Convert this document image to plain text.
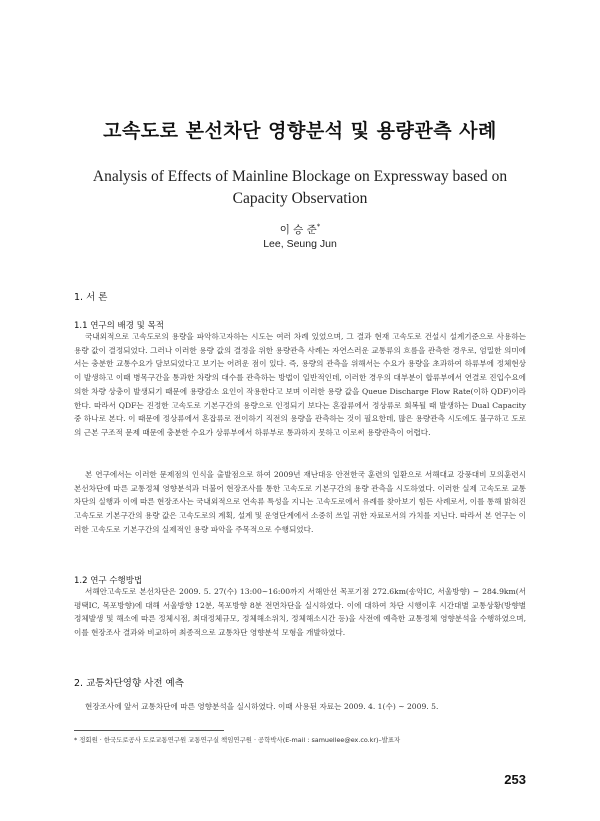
고속도로 본선차단 영향분석 및 용량관측 사례
Analysis of Effects of Mainline Blockage on Expressway based on Capacity Observation
이 승 준*
Lee, Seung Jun
1. 서 론
1.1 연구의 배경 및 목적

국내외적으로 고속도로의 용량을 파악하고자하는 시도는 여러 차례 있었으며, 그 결과 현재 고속도로 건설시 설계기준으로 사용하는 용량 값이 결정되었다. 그러나 이러한 용량 값의 결정을 위한 용량관측 사례는 자연스러운 교통류의 흐름을 관측한 경우로, 엄밀한 의미에서는 충분한 교통수요가 담보되었다고 보기는 어려운 점이 있다. 즉, 용량의 관측을 위해서는 수요가 용량을 초과하여 하류부에 정체현상이 발생하고 이때 병목구간을 통과한 차량의 대수를 관측하는 방법이 일반적인데, 이러한 경우의 대부분이 합류부에서 연결로 진입수요에 의한 차량 상충이 발생되기 때문에 용량감소 요인이 작용한다고 보며 이러한 용량 값을 Queue Discharge Flow Rate(이하 QDF)이라 한다. 따라서 QDF는 진정한 고속도로 기본구간의 용량으로 인정되기 보다는 혼잡류에서 정상류로 회복될 때 발생하는 Dual Capacity 중 하나로 본다. 이 때문에 정상류에서 혼잡류로 전이하기 직전의 용량을 관측하는 것이 필요한데, 많은 용량관측 시도에도 불구하고 도로의 근본 구조적 문제 때문에 충분한 수요가 상류부에서 하류부로 통과하지 못하고 이로써 용량관측이 어렵다.

본 연구에서는 이러한 문제점의 인식을 출발점으로 하여 2009년 재난대응 안전한국 훈련의 일환으로 서해대교 강풍대비 모의훈련시 본선차단에 따른 교통정체 영향분석과 더불어 현장조사를 통한 고속도로 기본구간의 용량 관측을 시도하였다. 이러한 실제 고속도로 교통차단의 실행과 이에 따른 현장조사는 국내외적으로 연속류 특성을 지니는 고속도로에서 유례를 찾아보기 힘든 사례로서, 이를 통해 밝혀진 고속도로 기본구간의 용량 값은 고속도로의 계획, 설계 및 운영단계에서 소중히 쓰일 귀한 자료로서의 가치를 지닌다. 따라서 본 연구는 이러한 고속도로 기본구간의 실제적인 용량 파악을 주목적으로 수행되었다.

1.2 연구 수행방법

서해안고속도로 본선차단은 2009. 5. 27(수) 13:00~16:00까지 서해안선 목포기점 272.6km(송악IC, 서울방향) ~ 284.9km(서평택IC, 목포방향)에 대해 서울방향 12분, 목포방향 8분 전면차단을 실시하였다. 이에 대하여 차단 시행이후 시간대별 교통상황(방향별 정체발생 및 해소에 따른 정체시점, 최대정체규모, 정체해소위치, 정체해소시간 등)을 사전에 예측한 교통정체 영향분석을 수행하였으며, 이를 현장조사 결과와 비교하여 최종적으로 교통차단 영향분석 모형을 개발하였다.

2. 교통차단영향 사전 예측

현장조사에 앞서 교통차단에 따른 영향분석을 실시하였다. 이때 사용된 자료는 2009. 4. 1(수) ~ 2009. 5.

* 정회원 · 한국도로공사 도로교통연구원 교통연구실 책임연구원 · 공학박사(E-mail : samuellee@ex.co.kr)–발표자
253
